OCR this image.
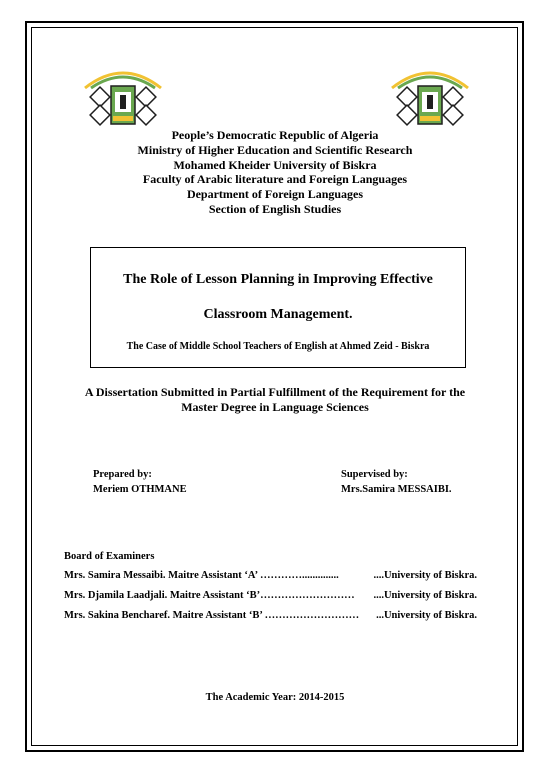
People’s Democratic Republic of Algeria
Ministry of Higher Education and Scientific Research
Mohamed Kheider University of Biskra
Faculty of Arabic literature and Foreign Languages
Department of Foreign Languages
Section of English Studies
The Role of Lesson Planning in Improving Effective
Classroom Management.
The Case of Middle School Teachers of English at Ahmed Zeid - Biskra
A Dissertation Submitted in Partial Fulfillment of the Requirement for the
Master Degree in Language Sciences
Prepared by:
Meriem OTHMANE
Supervised by:
Mrs.Samira MESSAIBI.
Board of Examiners
Mrs. Samira Messaibi. Maitre Assistant ‘A’ …………..............	....University of Biskra.
Mrs. Djamila Laadjali. Maitre Assistant ‘B’……………………… ....University of Biskra.
Mrs. Sakina Bencharef. Maitre Assistant ‘B’ ……………………… ...University of Biskra.
The Academic Year: 2014-2015
